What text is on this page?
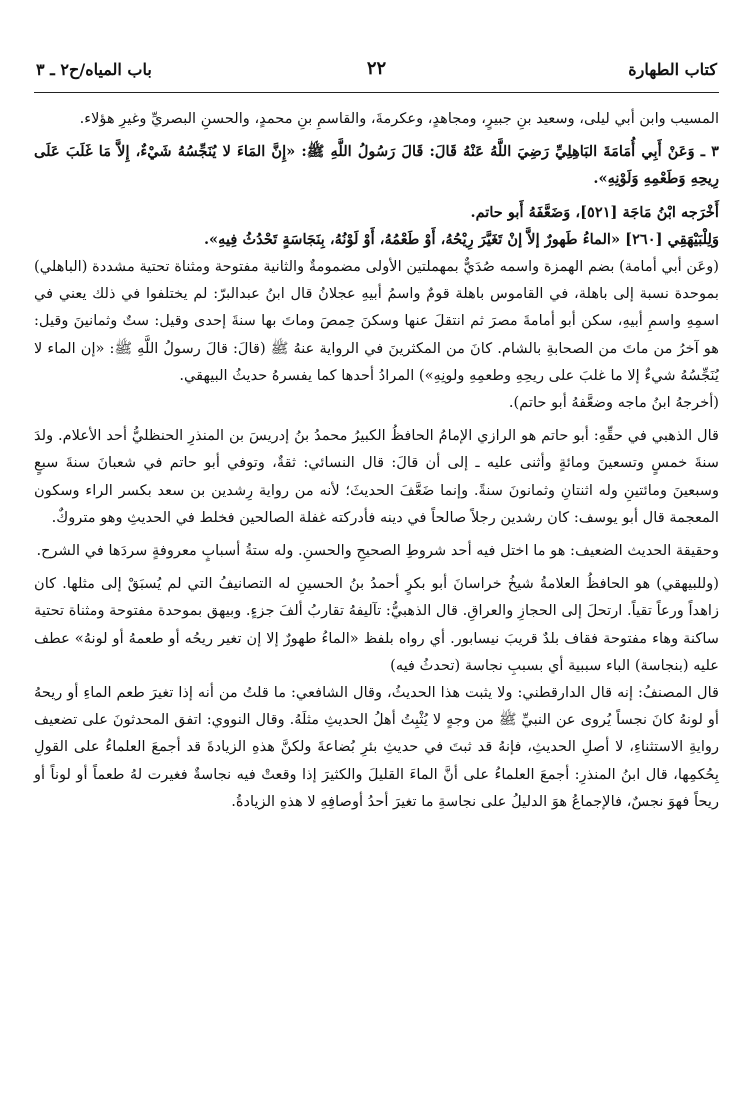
كتاب الطهارة
٢٢
باب المياه/ح٢ ـ ٣

المسيب وابن أبي ليلى، وسعيد بنِ جبيرٍ، ومجاهدٍ، وعكرمةَ، والقاسمِ بنِ محمدٍ، والحسنِ البصريِّ وغيرِ هؤلاء.

٣ ـ وَعَنْ أَبِي أُمَامَةَ البَاهِلِيِّ رَضِيَ اللَّهُ عَنْهُ قَالَ: قَالَ رَسُولُ اللَّهِ ﷺ: «إِنَّ المَاءَ لا يُنَجِّسُهُ شَيْءٌ، إِلاَّ مَا غَلَبَ عَلَى رِيحِهِ وَطَعْمِهِ وَلَوْنِهِ».

أَخْرَجه ابْنُ مَاجَة [٥٢١]، وَضَعَّفَهُ أَبو حاتم.

وَلِلْبَيْهَقِي [٢٦٠] «الماءُ طَهورٌ إلاَّ إنْ تَغَيَّرَ رِيْحُهُ، أَوْ طَعْمُهُ، أَوْ لَوْنُهُ، بِنَجَاسَةٍ تَحْدُثُ فِيهِ».

(وعَن أبي أمامة) بضم الهمزة واسمه صُدَيٌّ بمهملتين الأولى مضمومةٌ والثانية مفتوحة ومثناة تحتية مشددة (الباهلي) بموحدة نسبة إلى باهلة، في القاموس باهلة قومٌ واسمُ أبيهِ عجلانُ قال ابنُ عبدالبرّ: لم يختلفوا في ذلك يعني في اسمِهِ واسمِ أبيهِ، سكن أبو أمامةَ مصرَ ثم انتقلَ عنها وسكنَ حِمصَ وماتَ بها سنةَ إحدى وقيل: ستٌ وثمانينَ وقيل: هو آخرُ من ماتَ من الصحابةِ بالشام. كانَ من المكثرينَ في الرواية عنهُ ﷺ (قالَ: قالَ رسولُ اللَّهِ ﷺ: «إن الماء لا يُنَجِّسُهُ شيءٌ إلا ما غلبَ على ريحِهِ وطعمِهِ ولونِهِ») المرادُ أحدها كما يفسرهُ حديثُ البيهقي.

(أخرجهُ ابنُ ماجه وضعَّفهُ أبو حاتم).

قال الذهبي في حقِّهِ: أبو حاتم هو الرازي الإمامُ الحافظُ الكبيرُ محمدُ بنُ إدريسَ بن المنذرِ الحنظليُّ أحد الأعلام. ولدَ سنةَ خمسٍ وتسعينَ ومائةٍ وأثنى عليه ـ إلى أن قالَ: قال النسائي: ثقةٌ، وتوفي أبو حاتم في شعبانَ سنةَ سبعٍ وسبعينَ ومائتينِ وله اثنتانِ وثمانونَ سنةً. وإنما ضَعَّفَ الحديثَ؛ لأنه من رواية رِشدين بن سعد بكسر الراء وسكون المعجمة قال أبو يوسف: كان رشدين رجلاً صالحاً في دينه فأدركته غفلة الصالحين فخلط في الحديثِ وهو متروكٌ.

وحقيقة الحديث الضعيف: هو ما اختل فيه أحد شروطِ الصحيحِ والحسنِ. وله ستةُ أسبابٍ معروفةٍ سردَها في الشرح.

(وللبيهقي) هو الحافظُ العلامةُ شيخُ خراسانَ أبو بكرٍ أحمدُ بنُ الحسينِ له التصانيفُ التي لم يُسبَقْ إلى مثلها. كان زاهداً ورعاً تقياً. ارتحلَ إلى الحجازِ والعراقِ. قال الذهبيُّ: تآليفهُ تقاربُ ألفَ جزءٍ. وبيهق بموحدة مفتوحة ومثناة تحتية ساكنة وهاء مفتوحة فقاف بلدٌ قريبَ نيسابور. أي رواه بلفظ «الماءُ طهورٌ إلا إن تغير ريحُه أو طعمهُ أو لونهُ» عطف عليه (بنجاسة) الباء سببية أي بسببِ نجاسة (تحدثُ فيه)

قال المصنفُ: إنه قال الدارقطني: ولا يثبت هذا الحديثُ، وقال الشافعي: ما قلتُ من أنه إذا تغيرَ طعم الماءِ أو ريحهُ أو لونهُ كانَ نجساً يُروى عن النبيِّ ﷺ من وجهٍ لا يُثْبِتُ أهلُ الحديثِ مثلَهُ. وقال النووي: اتفق المحدثونَ على تضعيف روايةِ الاستثناءِ، لا أصلِ الحديثِ، فإنهُ قد ثبتَ في حديثِ بئرِ بُضاعةَ ولكنَّ هذهِ الزيادةَ قد أجمعَ العلماءُ على القولِ بِحُكمِها، قال ابنُ المنذرِ: أجمعَ العلماءُ على أنَّ الماءَ القليلَ والكثيرَ إذا وقعتْ فيه نجاسةٌ فغيرت لهُ طعماً أو لوناً أو ريحاً فهوَ نجسٌ، فالإجماعُ هوَ الدليلُ على نجاسةِ ما تغيرَ أحدُ أوصافِهِ لا هذهِ الزيادةُ.
